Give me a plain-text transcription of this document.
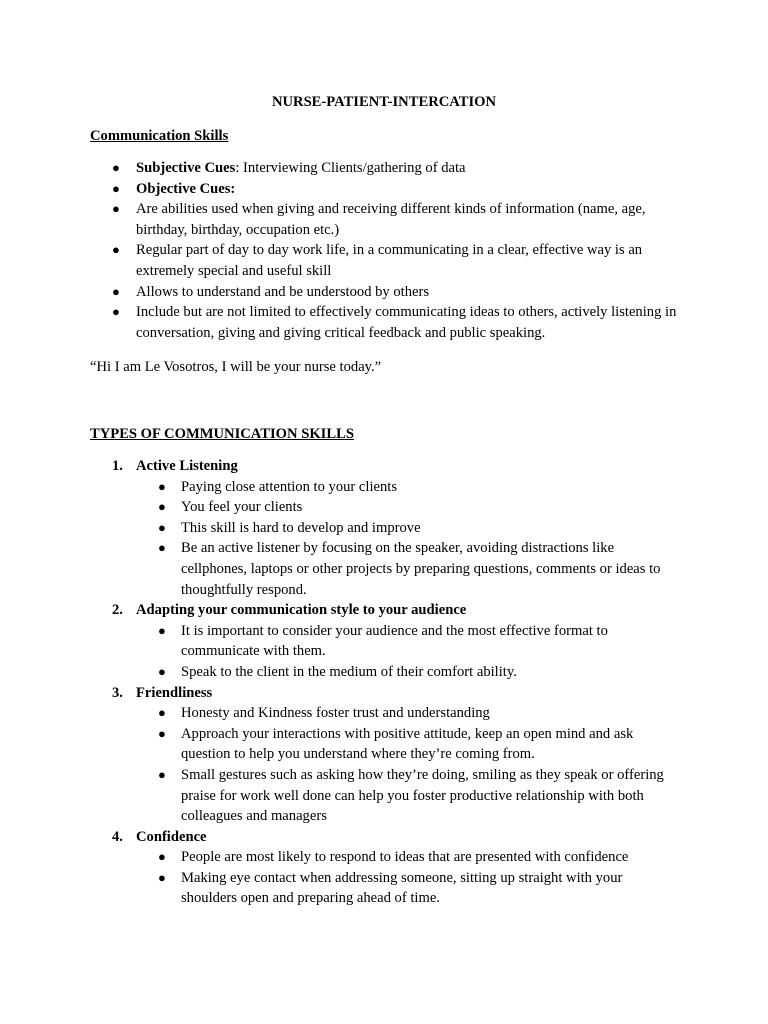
NURSE-PATIENT-INTERCATION
Communication Skills
● Subjective Cues: Interviewing Clients/gathering of data
● Objective Cues:
● Are abilities used when giving and receiving different kinds of information (name, age, birthday, birthday, occupation etc.)
● Regular part of day to day work life, in a communicating in a clear, effective way is an extremely special and useful skill
● Allows to understand and be understood by others
● Include but are not limited to effectively communicating ideas to others, actively listening in conversation, giving and giving critical feedback and public speaking.
“Hi I am Le Vosotros, I will be your nurse today.”
TYPES OF COMMUNICATION SKILLS
1. Active Listening
● Paying close attention to your clients
● You feel your clients
● This skill is hard to develop and improve
● Be an active listener by focusing on the speaker, avoiding distractions like cellphones, laptops or other projects by preparing questions, comments or ideas to thoughtfully respond.
2. Adapting your communication style to your audience
● It is important to consider your audience and the most effective format to communicate with them.
● Speak to the client in the medium of their comfort ability.
3. Friendliness
● Honesty and Kindness foster trust and understanding
● Approach your interactions with positive attitude, keep an open mind and ask question to help you understand where they’re coming from.
● Small gestures such as asking how they’re doing, smiling as they speak or offering praise for work well done can help you foster productive relationship with both colleagues and managers
4. Confidence
● People are most likely to respond to ideas that are presented with confidence
● Making eye contact when addressing someone, sitting up straight with your shoulders open and preparing ahead of time.
